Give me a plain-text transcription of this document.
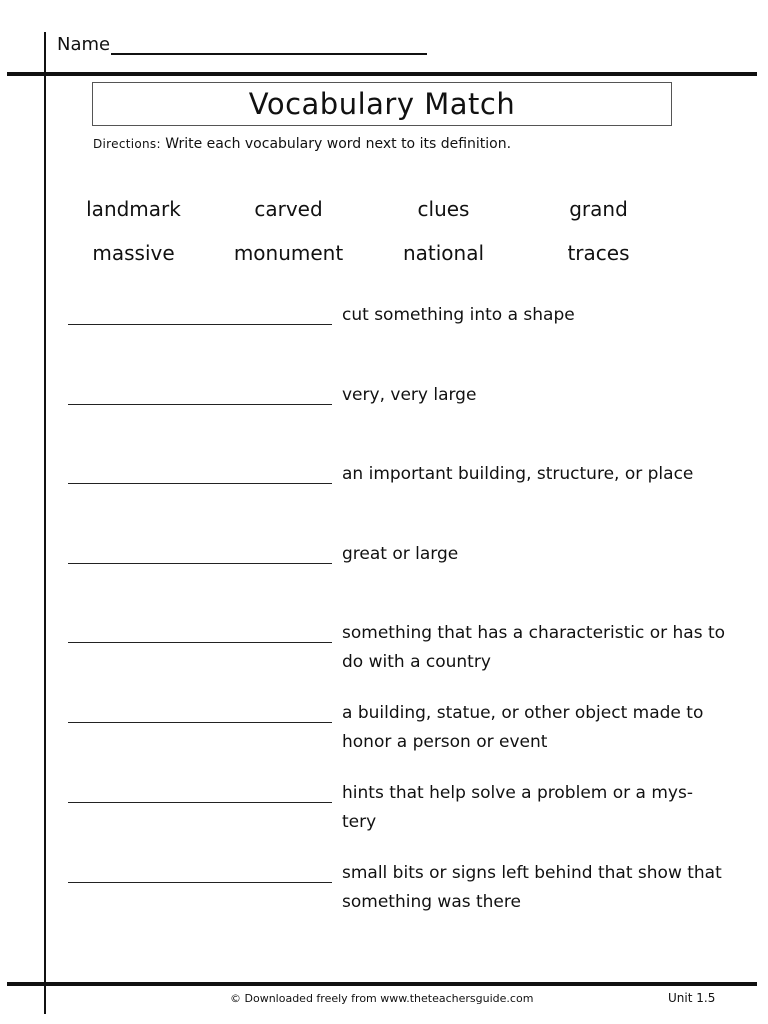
Name
Vocabulary Match
Directions: Write each vocabulary word next to its definition.
landmark	carved	clues	grand
massive	monument	national	traces
cut something into a shape
very, very large
an important building, structure, or place
great or large
something that has a characteristic or has to do with a country
a building, statue, or other object made to honor a person or event
hints that help solve a problem or a mys- tery
small bits or signs left behind that show that something was there
© Downloaded freely from www.theteachersguide.com	Unit 1.5
